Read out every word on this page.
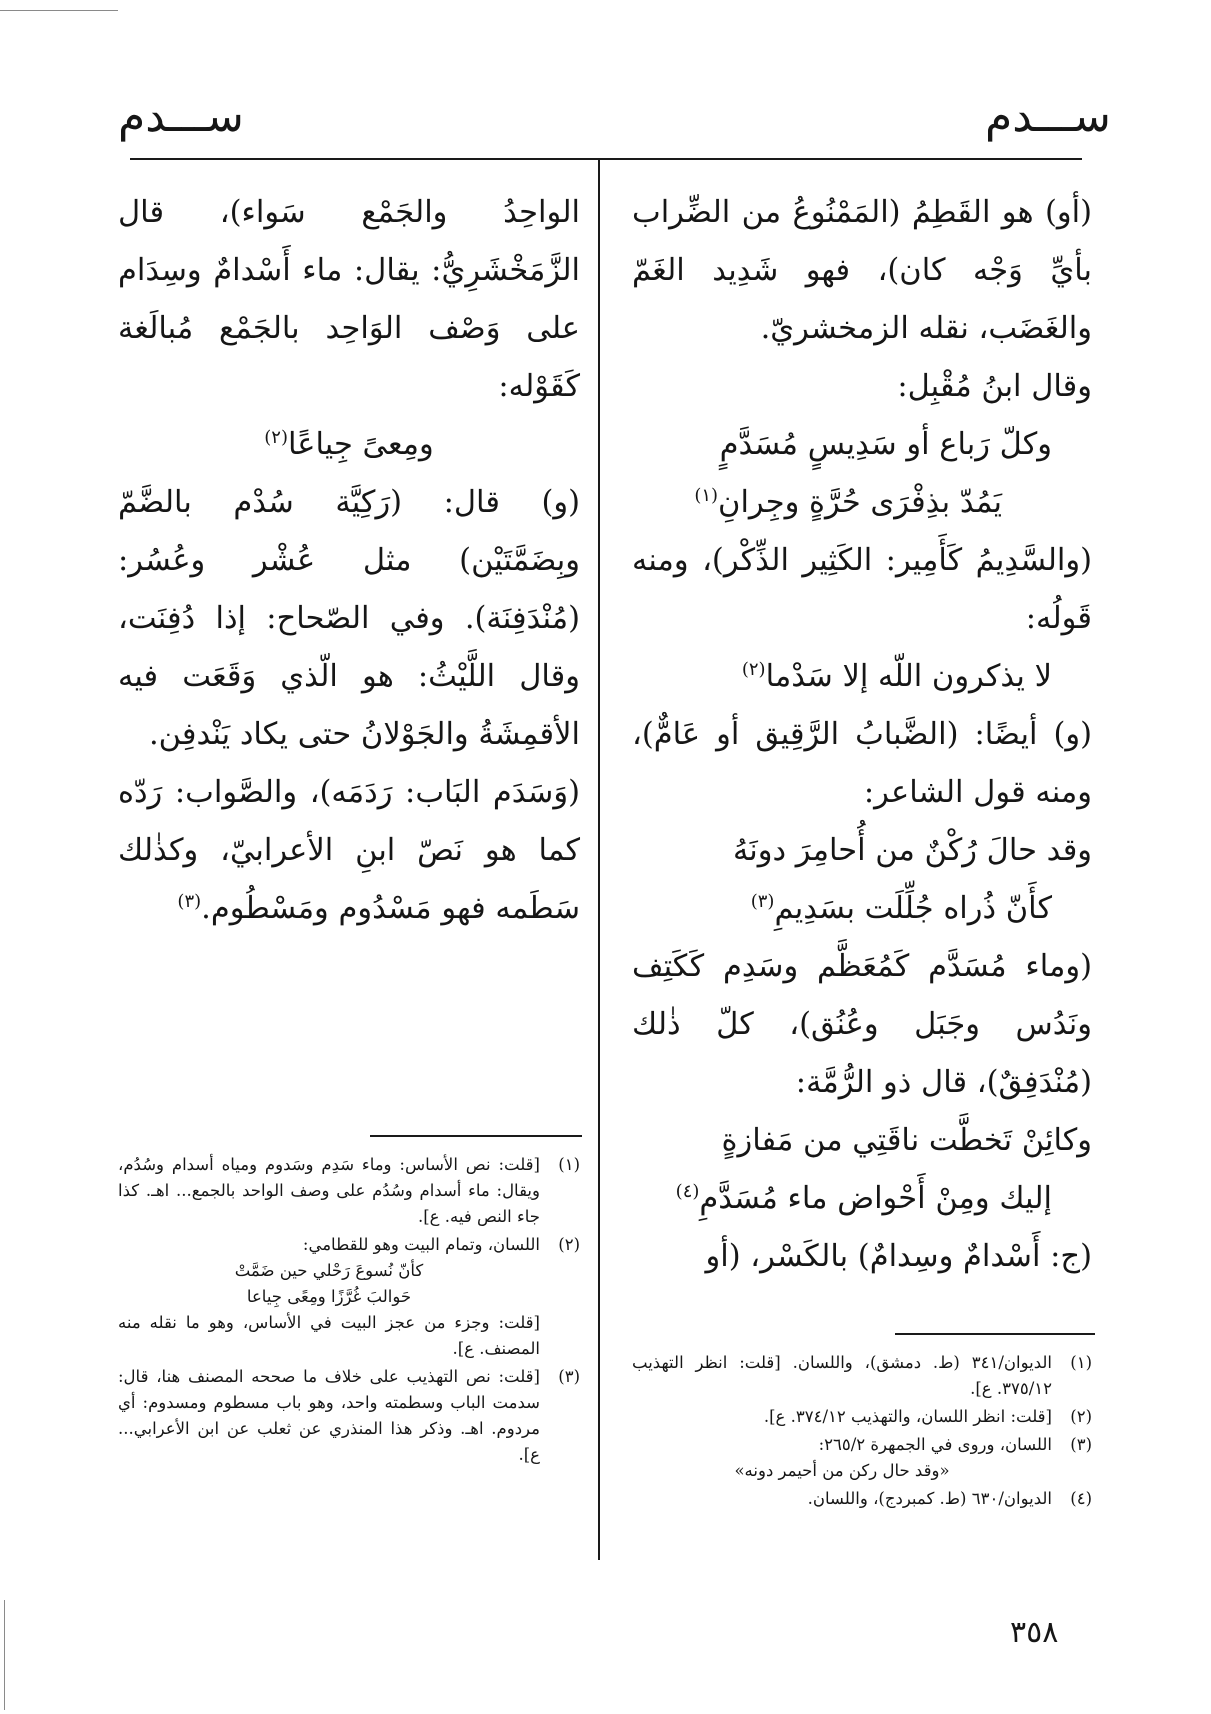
ســـدم
ســـدم

(أو) هو القَطِمُ (المَمْنُوعُ من الضِّراب بأيِّ وَجْه كان)، فهو شَدِيد الغَمّ والغَضَب، نقله الزمخشريّ.

وقال ابنُ مُقْبِل:

وكلّ رَباع أو سَدِيسٍ مُسَدَّمٍ

يَمُدّ بذِفْرَى حُرَّةٍ وجِرانِ$^{(١)}$

(والسَّدِيمُ كَأَمِير: الكَثِير الذِّكْر)، ومنه قَولُه:

لا يذكرون اللّه إلا سَدْما$^{(٢)}$

(و) أيضًا: (الضَّبابُ الرَّقِيق أو عَامٌّ)، ومنه قول الشاعر:

وقد حالَ رُكْنٌ من أُحامِرَ دونَهُ

كأَنّ ذُراه جُلِّلَت بسَدِيمِ$^{(٣)}$

(وماء مُسَدَّم كَمُعَظَّم وسَدِم كَكَتِف ونَدُس وجَبَل وعُنُق)، كلّ ذٰلك (مُنْدَفِقٌ)، قال ذو الرُّمَّة:

وكائِنْ تَخطَّت ناقَتِي من مَفازةٍ

إليك ومِنْ أَحْواض ماء مُسَدَّمِ$^{(٤)}$

(ج: أَسْدامٌ وسِدامٌ) بالكَسْر، (أو

الواحِدُ والجَمْع سَواء)، قال الزَّمَخْشَرِيُّ: يقال: ماء أَسْدامٌ وسِدَام على وَصْف الوَاحِد بالجَمْع مُبالَغة كَقَوْله:

ومِعىً جِياعًا$^{(٢)}$

(و) قال: (رَكِيَّة سُدْم بالضَّمّ وبِضَمَّتَيْن) مثل عُشْر وعُسُر: (مُنْدَفِنَة). وفي الصّحاح: إذا دُفِنَت، وقال اللَّيْثُ: هو الّذي وَقَعَت فيه الأقمِشَةُ والجَوْلانُ حتى يكاد يَنْدفِن.

(وَسَدَم البَاب: رَدَمَه)، والصَّواب: رَدّه كما هو نَصّ ابنِ الأعرابيّ، وكذٰلك سَطَمه فهو مَسْدُوم ومَسْطُوم.$^{(٣)}$

(١)
الديوان/٣٤١ (ط. دمشق)، واللسان. [قلت: انظر التهذيب ٣٧٥/١٢. ع].
(٢)
[قلت: انظر اللسان، والتهذيب ٣٧٤/١٢. ع].
(٣)
اللسان، وروى في الجمهرة ٢٦٥/٢:
«وقد حال ركن من أحيمر دونه»
(٤)
الديوان/٦٣٠ (ط. كمبردج)، واللسان.
(١)
[قلت: نص الأساس: وماء سَدِم وسَدوم ومياه أسدام وسُدُم، ويقال: ماء أسدام وسُدُم على وصف الواحد بالجمع... اهـ. كذا جاء النص فيه. ع].
(٢)
اللسان، وتمام البيت وهو للقطامي:
كأنّ نُسوعَ رَحْلي حين ضَمَّتْ
حَوالبَ غُرَّزًا ومِعًى جِياعا
[قلت: وجزء من عجز البيت في الأساس، وهو ما نقله منه المصنف. ع].
(٣)
[قلت: نص التهذيب على خلاف ما صححه المصنف هنا، قال: سدمت الباب وسطمته واحد، وهو باب مسطوم ومسدوم: أي مردوم. اهـ. وذكر هذا المنذري عن ثعلب عن ابن الأعرابي... ع].
٣٥٨
